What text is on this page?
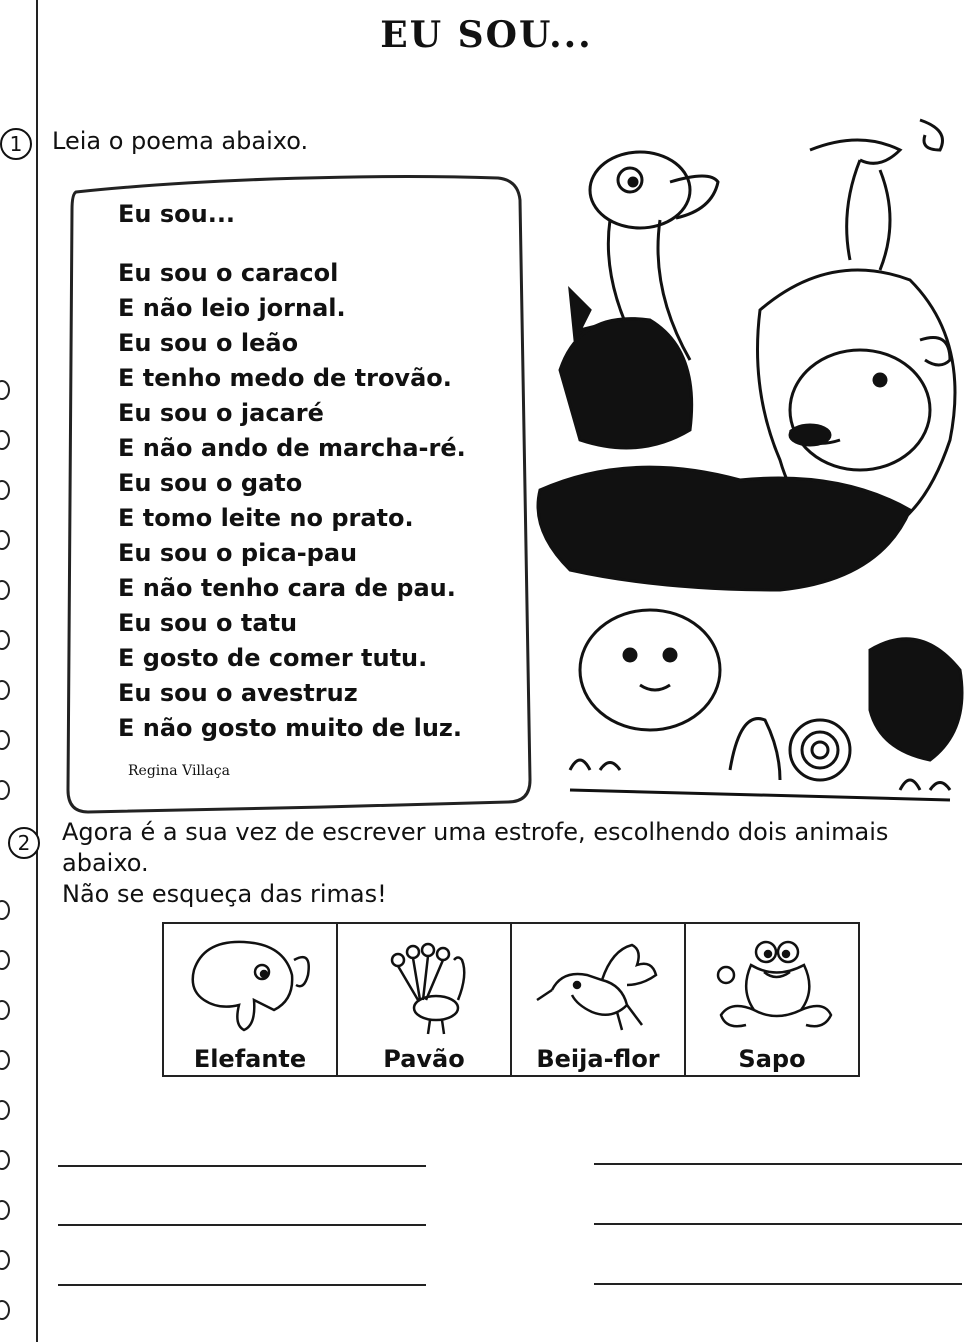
EU SOU...
1	Leia o poema abaixo.
Eu sou...
Eu sou o caracol
E não leio jornal.
Eu sou o leão
E tenho medo de trovão.
Eu sou o jacaré
E não ando de marcha-ré.
Eu sou o gato
E tomo leite no prato.
Eu sou o pica-pau
E não tenho cara de pau.
Eu sou o tatu
E gosto de comer tutu.
Eu sou o avestruz
E não gosto muito de luz.
Regina Villaça
2	Agora é a sua vez de escrever uma estrofe, escolhendo dois animais
abaixo.
Não se esqueça das rimas!
Elefante	Pavão	Beija-flor	Sapo
